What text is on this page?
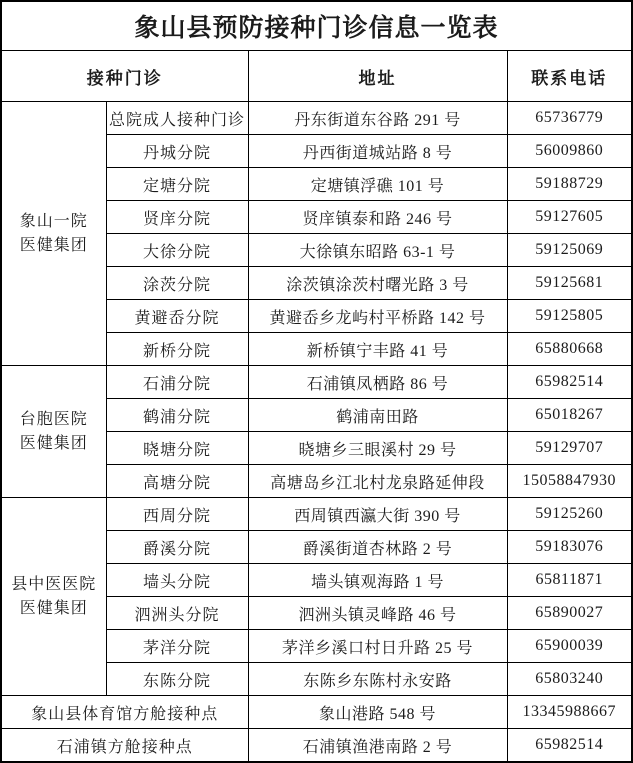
象山县预防接种门诊信息一览表			
接种门诊		地址	联系电话

象山一院
医健集团	总院成人接种门诊	丹东街道东谷路 291 号	65736779
	丹城分院	丹西街道城站路 8 号	56009860
	定塘分院	定塘镇浮礁 101 号	59188729
	贤庠分院	贤庠镇泰和路 246 号	59127605
	大徐分院	大徐镇东昭路 63-1 号	59125069
	涂茨分院	涂茨镇涂茨村曙光路 3 号	59125681
	黄避岙分院	黄避岙乡龙屿村平桥路 142 号	59125805
	新桥分院	新桥镇宁丰路 41 号	65880668

台胞医院
医健集团	石浦分院	石浦镇凤栖路 86 号	65982514
	鹤浦分院	鹤浦南田路	65018267
	晓塘分院	晓塘乡三眼溪村 29 号	59129707
	高塘分院	高塘岛乡江北村龙泉路延伸段	15058847930

县中医医院
医健集团	西周分院	西周镇西瀛大街 390 号	59125260
	爵溪分院	爵溪街道杏林路 2 号	59183076
	墙头分院	墙头镇观海路 1 号	65811871
	泗洲头分院	泗洲头镇灵峰路 46 号	65890027
	茅洋分院	茅洋乡溪口村日升路 25 号	65900039
	东陈分院	东陈乡东陈村永安路	65803240
象山县体育馆方舱接种点		象山港路 548 号	13345988667
石浦镇方舱接种点		石浦镇渔港南路 2 号	65982514
